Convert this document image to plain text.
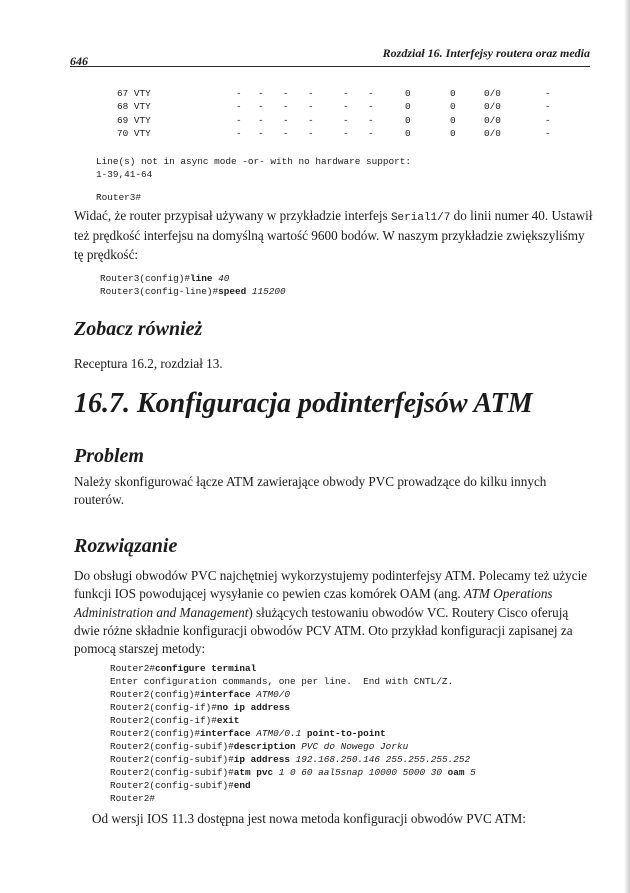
646
Rozdział 16. Interfejsy routera oraz media
67 VTY	- - - -	- -	0	0	0/0	-
68 VTY	- - - -	- -	0	0	0/0	-
69 VTY	- - - -	- -	0	0	0/0	-
70 VTY	- - - -	- -	0	0	0/0	-
Line(s) not in async mode -or- with no hardware support:
1-39,41-64
Router3#

Widać, że router przypisał używany w przykładzie interfejs Serial1/7 do linii numer 40. Ustawił też prędkość interfejsu na domyślną wartość 9600 bodów. W naszym przykładzie zwiększyliśmy tę prędkość:

Router3(config)#line 40
Router3(config-line)#speed 115200
Zobacz również
Receptura 16.2, rozdział 13.
16.7. Konfiguracja podinterfejsów ATM
Problem
Należy skonfigurować łącze ATM zawierające obwody PVC prowadzące do kilku innych routerów.
Rozwiązanie

Do obsługi obwodów PVC najchętniej wykorzystujemy podinterfejsy ATM. Polecamy też użycie funkcji IOS powodującej wysyłanie co pewien czas komórek OAM (ang. ATM Operations Administration and Management) służących testowaniu obwodów VC. Routery Cisco oferują dwie różne składnie konfiguracji obwodów PCV ATM. Oto przykład konfiguracji zapisanej za pomocą starszej metody:

Router2#configure terminal
Enter configuration commands, one per line.  End with CNTL/Z.
Router2(config)#interface ATM0/0
Router2(config-if)#no ip address
Router2(config-if)#exit
Router2(config)#interface ATM0/0.1 point-to-point
Router2(config-subif)#description PVC do Nowego Jorku
Router2(config-subif)#ip address 192.168.250.146 255.255.255.252
Router2(config-subif)#atm pvc 1 0 60 aal5snap 10000 5000 30 oam 5
Router2(config-subif)#end
Router2#
Od wersji IOS 11.3 dostępna jest nowa metoda konfiguracji obwodów PVC ATM:
